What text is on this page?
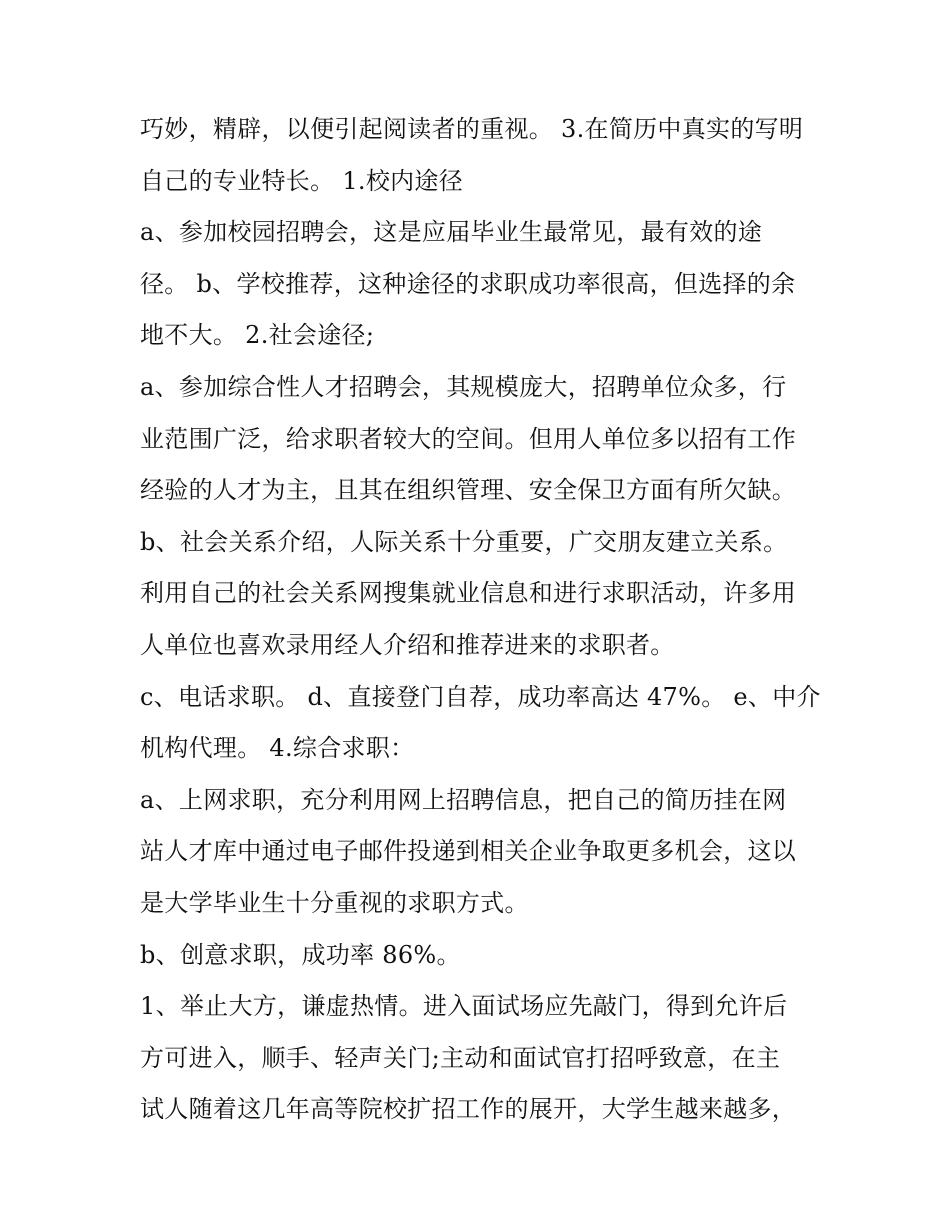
巧妙，精辟，以便引起阅读者的重视。 3.在简历中真实的写明
自己的专业特长。 1.校内途径
a、参加校园招聘会，这是应届毕业生最常见，最有效的途
径。 b、学校推荐，这种途径的求职成功率很高，但选择的余
地不大。 2.社会途径;
a、参加综合性人才招聘会，其规模庞大，招聘单位众多，行
业范围广泛，给求职者较大的空间。但用人单位多以招有工作
经验的人才为主，且其在组织管理、安全保卫方面有所欠缺。
b、社会关系介绍，人际关系十分重要，广交朋友建立关系。
利用自己的社会关系网搜集就业信息和进行求职活动，许多用
人单位也喜欢录用经人介绍和推荐进来的求职者。
c、电话求职。 d、直接登门自荐，成功率高达 47%。 e、中介
机构代理。 4.综合求职：
a、上网求职，充分利用网上招聘信息，把自己的简历挂在网
站人才库中通过电子邮件投递到相关企业争取更多机会，这以
是大学毕业生十分重视的求职方式。
b、创意求职，成功率 86%。
1、举止大方，谦虚热情。进入面试场应先敲门，得到允许后
方可进入，顺手、轻声关门;主动和面试官打招呼致意，在主
试人随着这几年高等院校扩招工作的展开，大学生越来越多，
